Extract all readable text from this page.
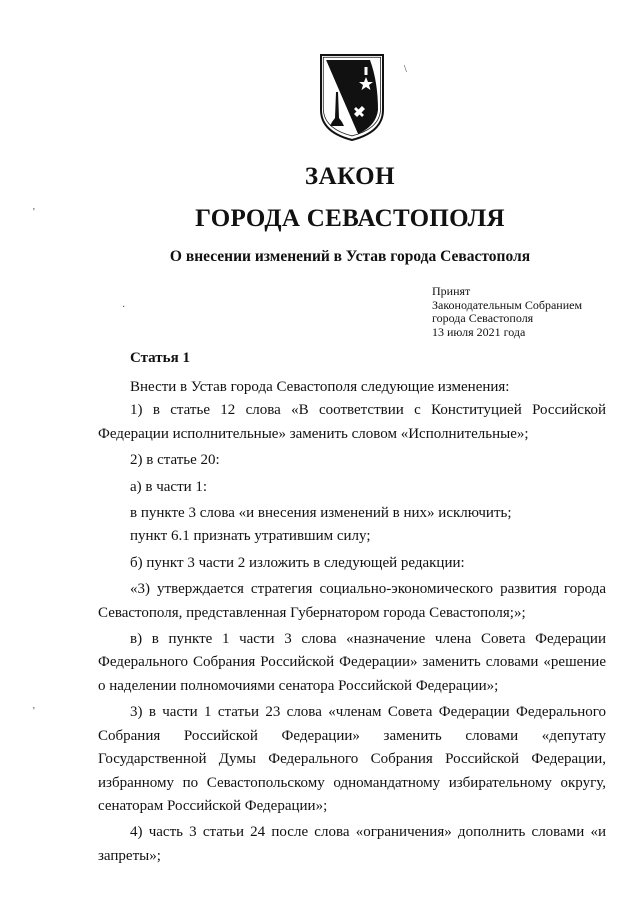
ЗАКОН
ГОРОДА СЕВАСТОПОЛЯ
О внесении изменений в Устав города Севастополя
Принят
Законодательным Собранием
города Севастополя
13 июля 2021 года
Статья 1

Внести в Устав города Севастополя следующие изменения:

1) в статье 12 слова «В соответствии с Конституцией Российской Федерации исполнительные» заменить словом «Исполнительные»;

2) в статье 20:

а) в части 1:

в пункте 3 слова «и внесения изменений в них» исключить;

пункт 6.1 признать утратившим силу;

б) пункт 3 части 2 изложить в следующей редакции:

«3) утверждается стратегия социально-экономического развития города Севастополя, представленная Губернатором города Севастополя;»;

в) в пункте 1 части 3 слова «назначение члена Совета Федерации Федерального Собрания Российской Федерации» заменить словами «решение о наделении полномочиями сенатора Российской Федерации»;

3) в части 1 статьи 23 слова «членам Совета Федерации Федерального Собрания Российской Федерации» заменить словами «депутату Государственной Думы Федерального Собрания Российской Федерации, избранному по Севастопольскому одномандатному избирательному округу, сенаторам Российской Федерации»;

4) часть 3 статьи 24 после слова «ограничения» дополнить словами «и запреты»;

'
·
'
\
